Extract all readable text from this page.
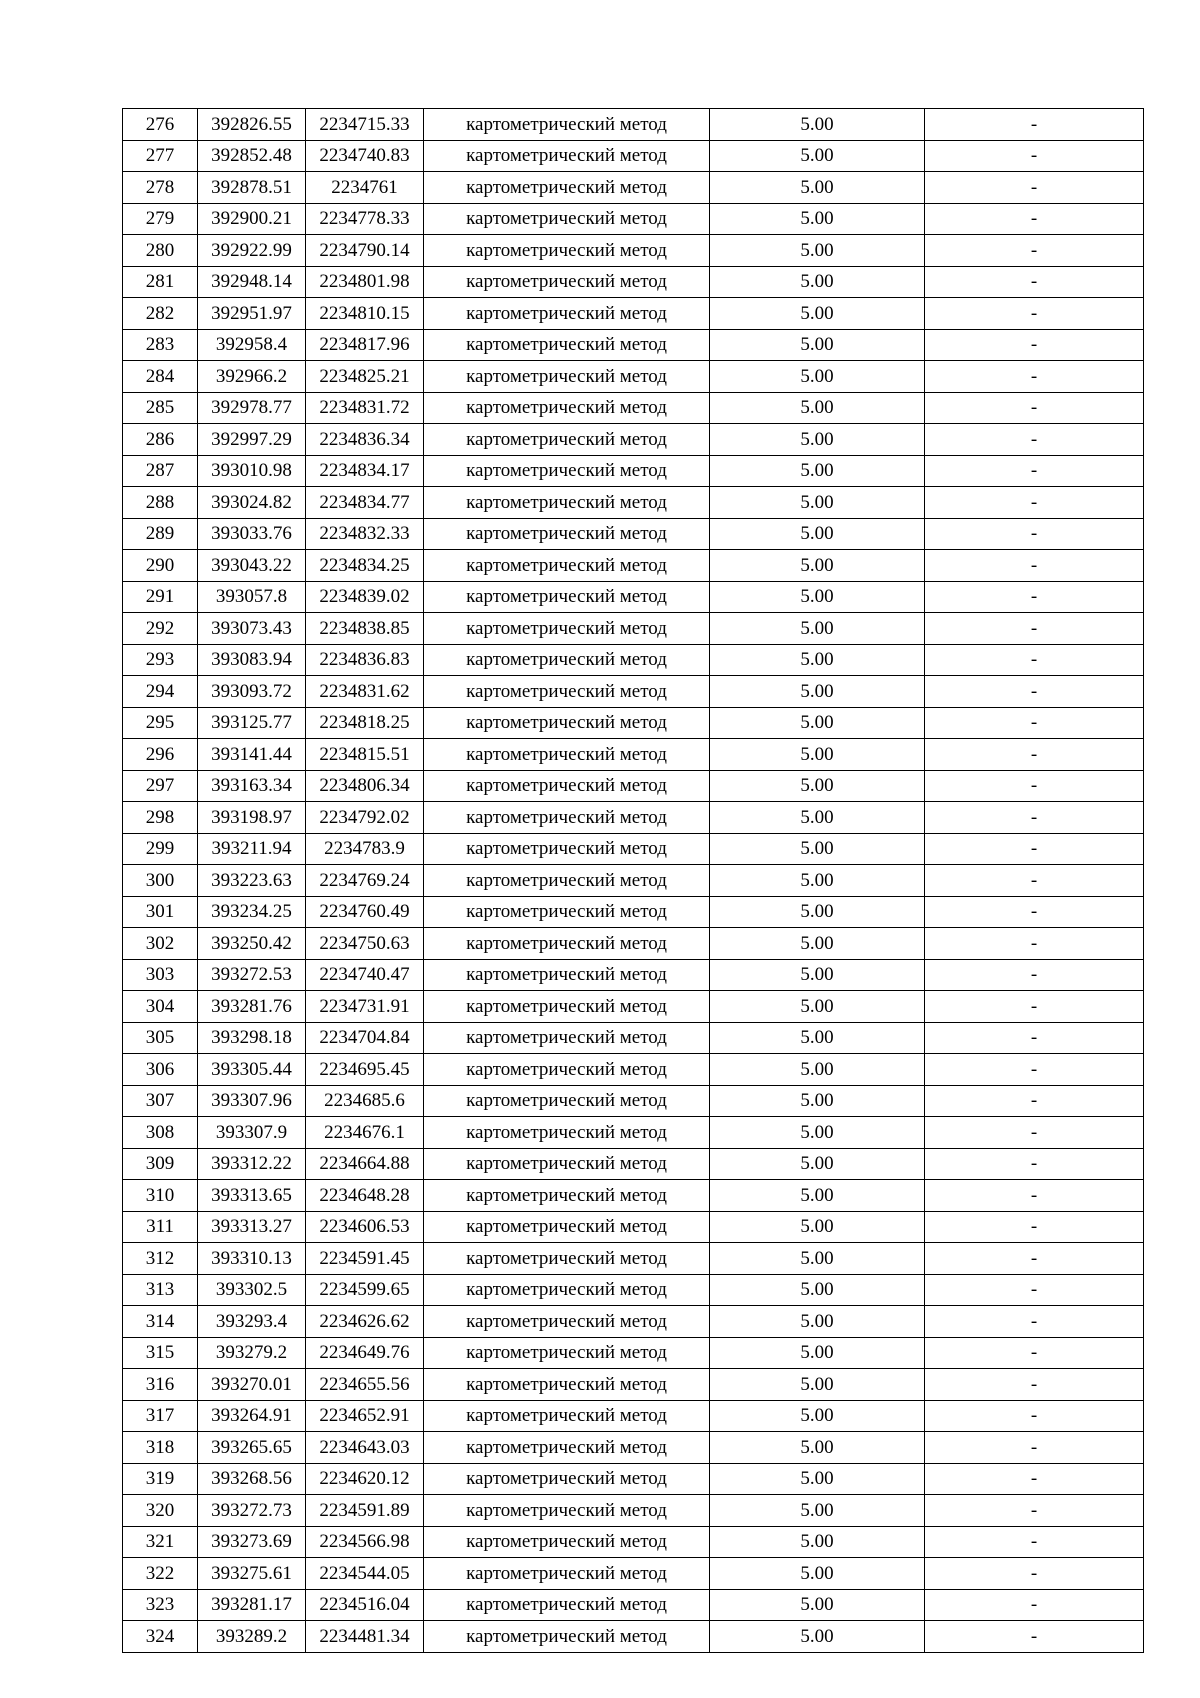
276	392826.55	2234715.33	картометрический метод	5.00	-
277	392852.48	2234740.83	картометрический метод	5.00	-
278	392878.51	2234761	картометрический метод	5.00	-
279	392900.21	2234778.33	картометрический метод	5.00	-
280	392922.99	2234790.14	картометрический метод	5.00	-
281	392948.14	2234801.98	картометрический метод	5.00	-
282	392951.97	2234810.15	картометрический метод	5.00	-
283	392958.4	2234817.96	картометрический метод	5.00	-
284	392966.2	2234825.21	картометрический метод	5.00	-
285	392978.77	2234831.72	картометрический метод	5.00	-
286	392997.29	2234836.34	картометрический метод	5.00	-
287	393010.98	2234834.17	картометрический метод	5.00	-
288	393024.82	2234834.77	картометрический метод	5.00	-
289	393033.76	2234832.33	картометрический метод	5.00	-
290	393043.22	2234834.25	картометрический метод	5.00	-
291	393057.8	2234839.02	картометрический метод	5.00	-
292	393073.43	2234838.85	картометрический метод	5.00	-
293	393083.94	2234836.83	картометрический метод	5.00	-
294	393093.72	2234831.62	картометрический метод	5.00	-
295	393125.77	2234818.25	картометрический метод	5.00	-
296	393141.44	2234815.51	картометрический метод	5.00	-
297	393163.34	2234806.34	картометрический метод	5.00	-
298	393198.97	2234792.02	картометрический метод	5.00	-
299	393211.94	2234783.9	картометрический метод	5.00	-
300	393223.63	2234769.24	картометрический метод	5.00	-
301	393234.25	2234760.49	картометрический метод	5.00	-
302	393250.42	2234750.63	картометрический метод	5.00	-
303	393272.53	2234740.47	картометрический метод	5.00	-
304	393281.76	2234731.91	картометрический метод	5.00	-
305	393298.18	2234704.84	картометрический метод	5.00	-
306	393305.44	2234695.45	картометрический метод	5.00	-
307	393307.96	2234685.6	картометрический метод	5.00	-
308	393307.9	2234676.1	картометрический метод	5.00	-
309	393312.22	2234664.88	картометрический метод	5.00	-
310	393313.65	2234648.28	картометрический метод	5.00	-
311	393313.27	2234606.53	картометрический метод	5.00	-
312	393310.13	2234591.45	картометрический метод	5.00	-
313	393302.5	2234599.65	картометрический метод	5.00	-
314	393293.4	2234626.62	картометрический метод	5.00	-
315	393279.2	2234649.76	картометрический метод	5.00	-
316	393270.01	2234655.56	картометрический метод	5.00	-
317	393264.91	2234652.91	картометрический метод	5.00	-
318	393265.65	2234643.03	картометрический метод	5.00	-
319	393268.56	2234620.12	картометрический метод	5.00	-
320	393272.73	2234591.89	картометрический метод	5.00	-
321	393273.69	2234566.98	картометрический метод	5.00	-
322	393275.61	2234544.05	картометрический метод	5.00	-
323	393281.17	2234516.04	картометрический метод	5.00	-
324	393289.2	2234481.34	картометрический метод	5.00	-
